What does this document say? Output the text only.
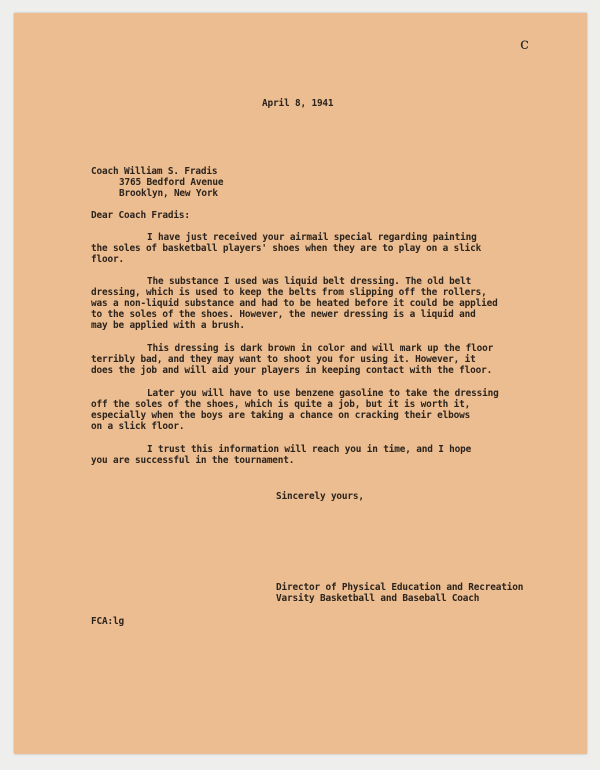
c
April 8, 1941
Coach William S. Fradis
3765 Bedford Avenue
Brooklyn, New York
Dear Coach Fradis:
I have just received your airmail special regarding painting
the soles of basketball players' shoes when they are to play on a slick
floor.
The substance I used was liquid belt dressing. The old belt
dressing, which is used to keep the belts from slipping off the rollers,
was a non-liquid substance and had to be heated before it could be applied
to the soles of the shoes. However, the newer dressing is a liquid and
may be applied with a brush.
This dressing is dark brown in color and will mark up the floor
terribly bad, and they may want to shoot you for using it. However, it
does the job and will aid your players in keeping contact with the floor.
Later you will have to use benzene gasoline to take the dressing
off the soles of the shoes, which is quite a job, but it is worth it,
especially when the boys are taking a chance on cracking their elbows
on a slick floor.
I trust this information will reach you in time, and I hope
you are successful in the tournament.
Sincerely yours,
Director of Physical Education and Recreation
Varsity Basketball and Baseball Coach
FCA:lg
